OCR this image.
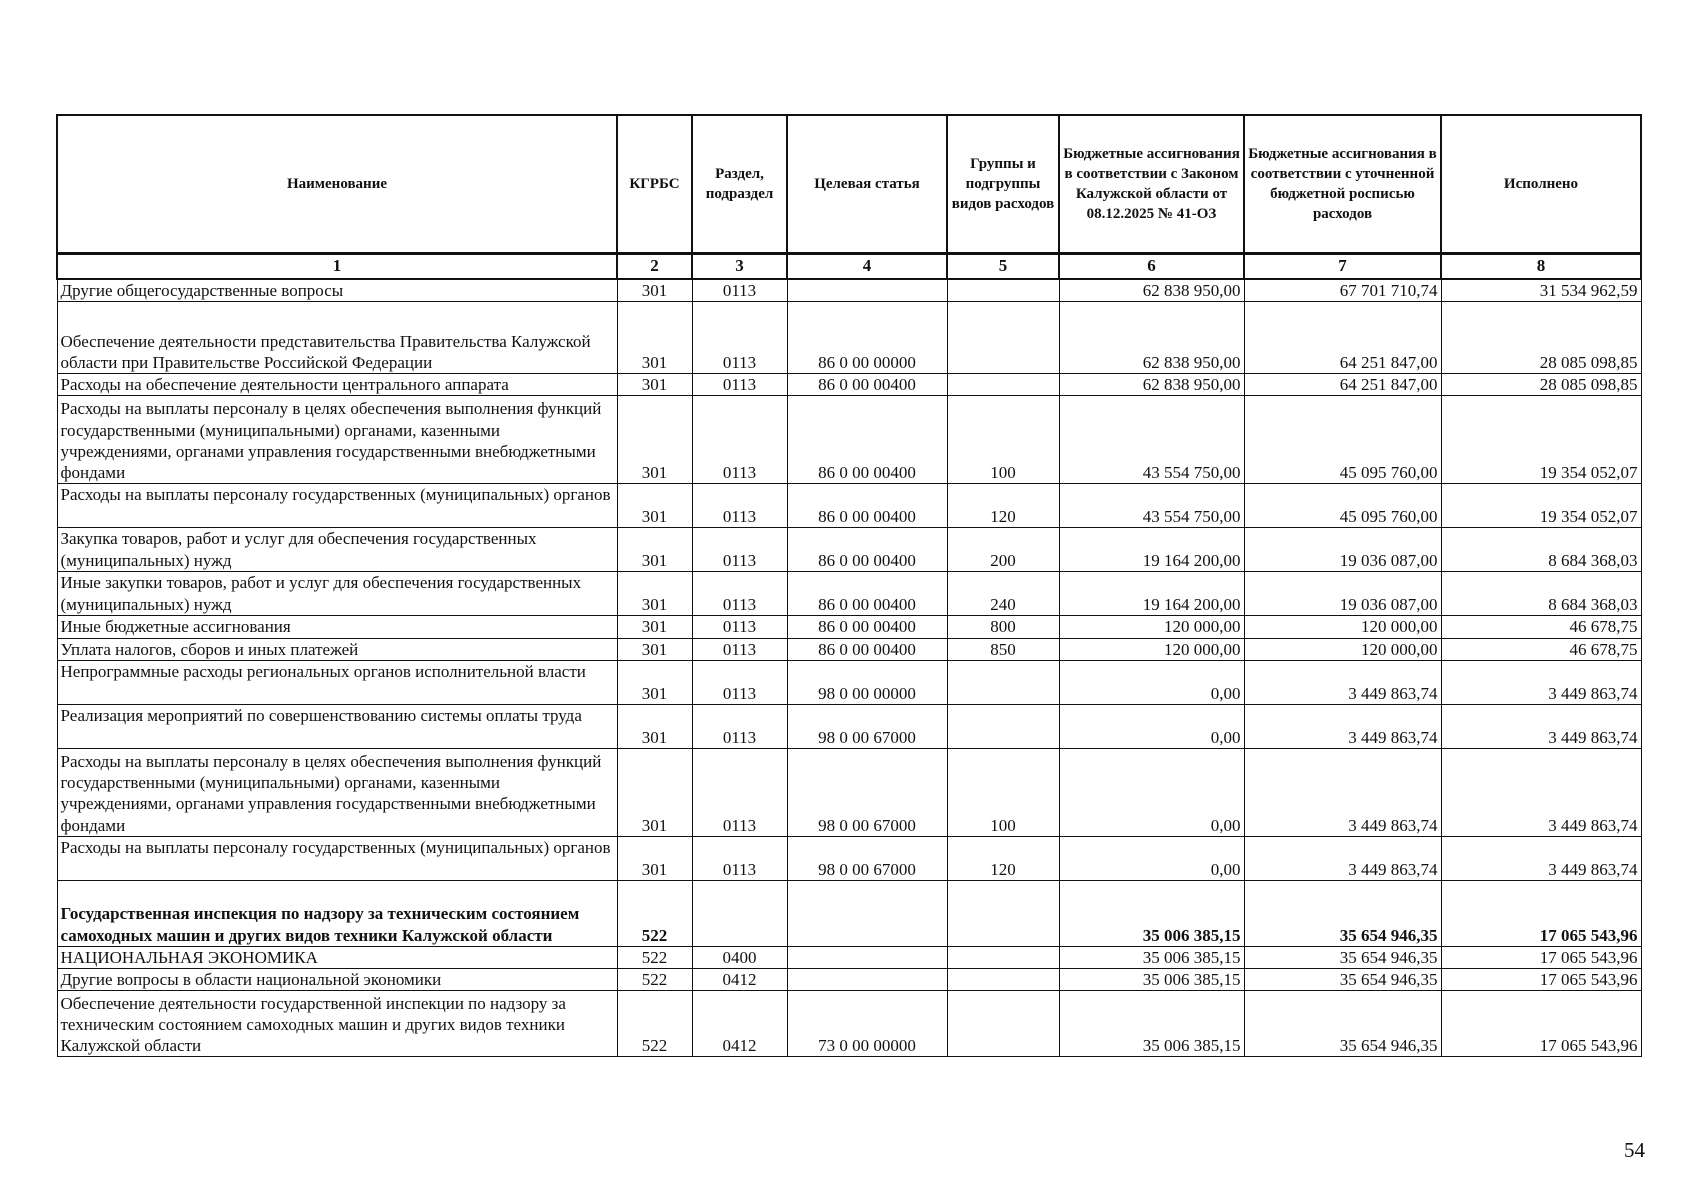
Наименование	КГРБС	Раздел, подраздел	Целевая статья	Группы и подгруппы видов расходов	Бюджетные ассигнования в соответствии с Законом Калужской области от 08.12.2025 № 41-ОЗ	Бюджетные ассигнования в соответствии с уточненной бюджетной росписью расходов	Исполнено
1	2	3	4	5	6	7	8
Другие общегосударственные вопросы	301	0113			62 838 950,00	67 701 710,74	31 534 962,59
Обеспечение деятельности представительства Правительства Калужской области при Правительстве Российской Федерации	301	0113	86 0 00 00000		62 838 950,00	64 251 847,00	28 085 098,85
Расходы на обеспечение деятельности центрального аппарата	301	0113	86 0 00 00400		62 838 950,00	64 251 847,00	28 085 098,85
Расходы на выплаты персоналу в целях обеспечения выполнения функций государственными (муниципальными) органами, казенными учреждениями, органами управления государственными внебюджетными фондами	301	0113	86 0 00 00400	100	43 554 750,00	45 095 760,00	19 354 052,07
Расходы на выплаты персоналу государственных (муниципальных) органов	301	0113	86 0 00 00400	120	43 554 750,00	45 095 760,00	19 354 052,07
Закупка товаров, работ и услуг для обеспечения государственных (муниципальных) нужд	301	0113	86 0 00 00400	200	19 164 200,00	19 036 087,00	8 684 368,03
Иные закупки товаров, работ и услуг для обеспечения государственных (муниципальных) нужд	301	0113	86 0 00 00400	240	19 164 200,00	19 036 087,00	8 684 368,03
Иные бюджетные ассигнования	301	0113	86 0 00 00400	800	120 000,00	120 000,00	46 678,75
Уплата налогов, сборов и иных платежей	301	0113	86 0 00 00400	850	120 000,00	120 000,00	46 678,75
Непрограммные расходы региональных органов исполнительной власти	301	0113	98 0 00 00000		0,00	3 449 863,74	3 449 863,74
Реализация мероприятий по совершенствованию системы оплаты труда	301	0113	98 0 00 67000		0,00	3 449 863,74	3 449 863,74
Расходы на выплаты персоналу в целях обеспечения выполнения функций государственными (муниципальными) органами, казенными учреждениями, органами управления государственными внебюджетными фондами	301	0113	98 0 00 67000	100	0,00	3 449 863,74	3 449 863,74
Расходы на выплаты персоналу государственных (муниципальных) органов	301	0113	98 0 00 67000	120	0,00	3 449 863,74	3 449 863,74
Государственная инспекция по надзору за техническим состоянием самоходных машин и других видов техники Калужской области	522				35 006 385,15	35 654 946,35	17 065 543,96
НАЦИОНАЛЬНАЯ ЭКОНОМИКА	522	0400			35 006 385,15	35 654 946,35	17 065 543,96
Другие вопросы в области национальной экономики	522	0412			35 006 385,15	35 654 946,35	17 065 543,96
Обеспечение деятельности государственной инспекции по надзору за техническим состоянием самоходных машин и других видов техники Калужской области	522	0412	73 0 00 00000		35 006 385,15	35 654 946,35	17 065 543,96
54
